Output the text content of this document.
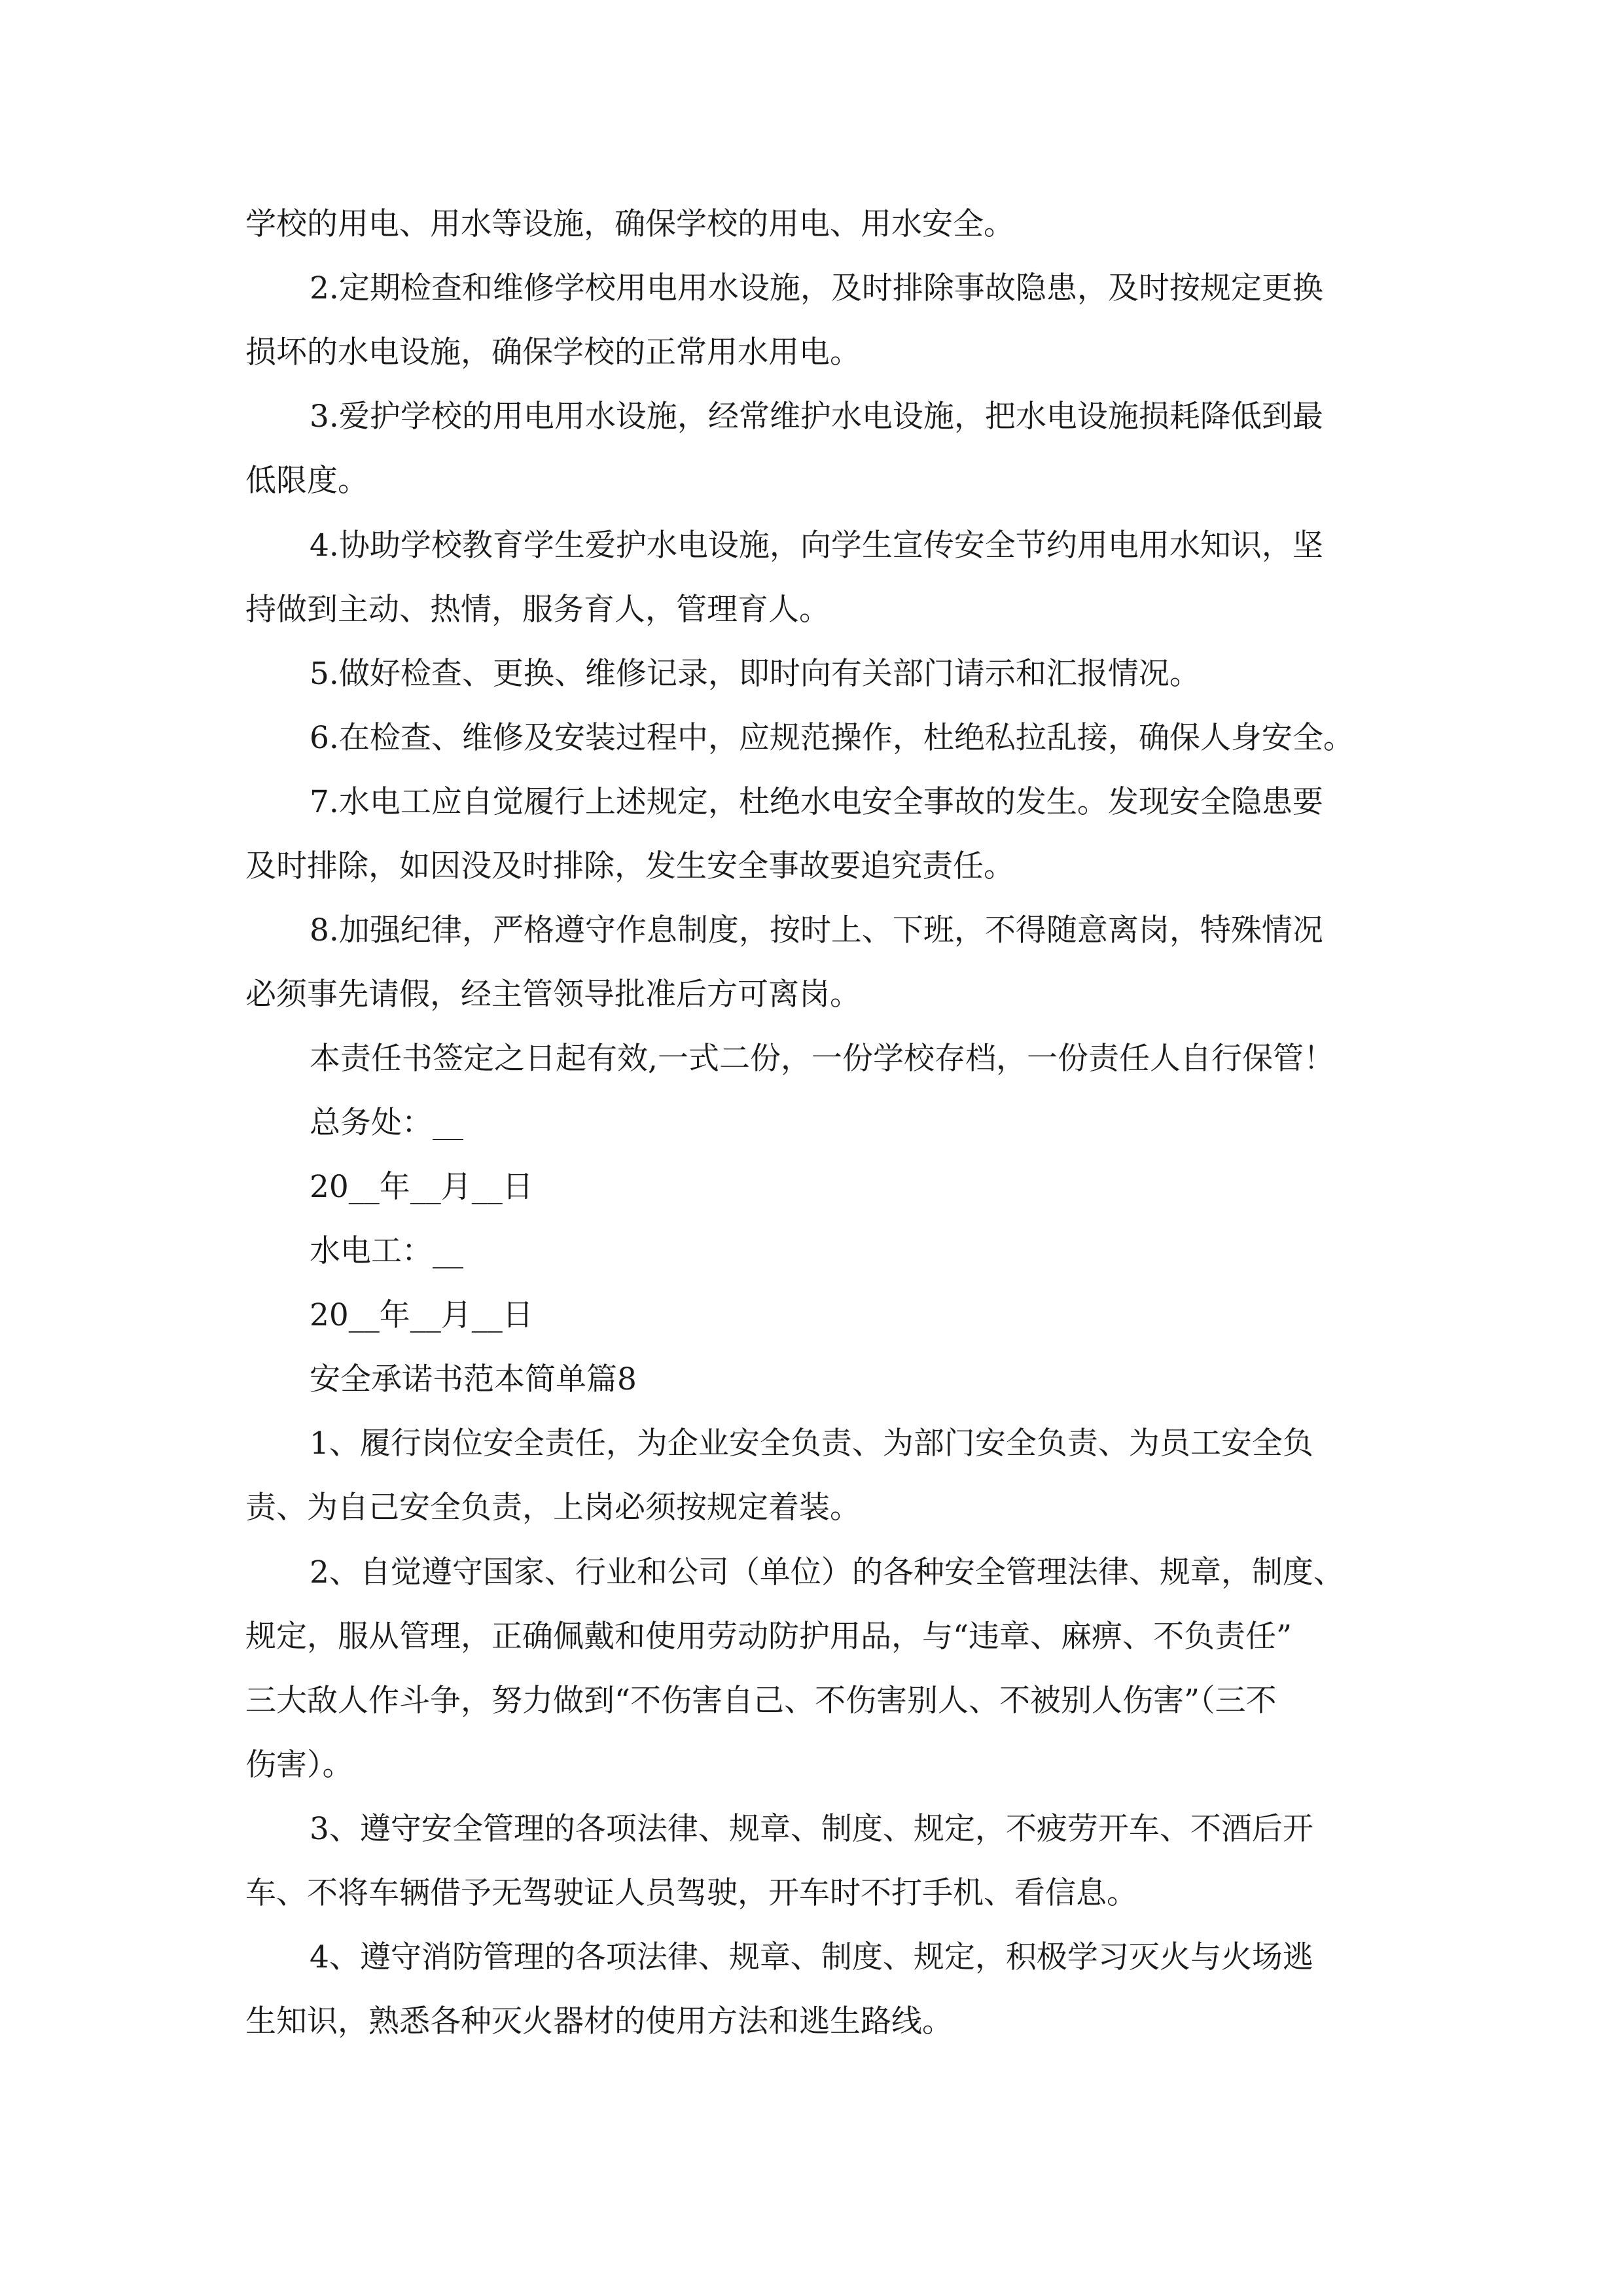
学校的用电、用水等设施，确保学校的用电、用水安全。
2.定期检查和维修学校用电用水设施，及时排除事故隐患，及时按规定更换
损坏的水电设施，确保学校的正常用水用电。
3.爱护学校的用电用水设施，经常维护水电设施，把水电设施损耗降低到最
低限度。
4.协助学校教育学生爱护水电设施，向学生宣传安全节约用电用水知识，坚
持做到主动、热情，服务育人，管理育人。
5.做好检查、更换、维修记录，即时向有关部门请示和汇报情况。
6.在检查、维修及安装过程中，应规范操作，杜绝私拉乱接，确保人身安全。
7.水电工应自觉履行上述规定，杜绝水电安全事故的发生。发现安全隐患要
及时排除，如因没及时排除，发生安全事故要追究责任。
8.加强纪律，严格遵守作息制度，按时上、下班，不得随意离岗，特殊情况
必须事先请假，经主管领导批准后方可离岗。
本责任书签定之日起有效,一式二份，一份学校存档，一份责任人自行保管！
总务处：__
20__年__月__日
水电工：__
20__年__月__日
安全承诺书范本简单篇8
1、履行岗位安全责任，为企业安全负责、为部门安全负责、为员工安全负
责、为自己安全负责，上岗必须按规定着装。
2、自觉遵守国家、行业和公司（单位）的各种安全管理法律、规章，制度、
规定，服从管理，正确佩戴和使用劳动防护用品，与“违章、麻痹、不负责任”
三大敌人作斗争，努力做到“不伤害自己、不伤害别人、不被别人伤害”（三不
伤害）。
3、遵守安全管理的各项法律、规章、制度、规定，不疲劳开车、不酒后开
车、不将车辆借予无驾驶证人员驾驶，开车时不打手机、看信息。
4、遵守消防管理的各项法律、规章、制度、规定，积极学习灭火与火场逃
生知识，熟悉各种灭火器材的使用方法和逃生路线。
